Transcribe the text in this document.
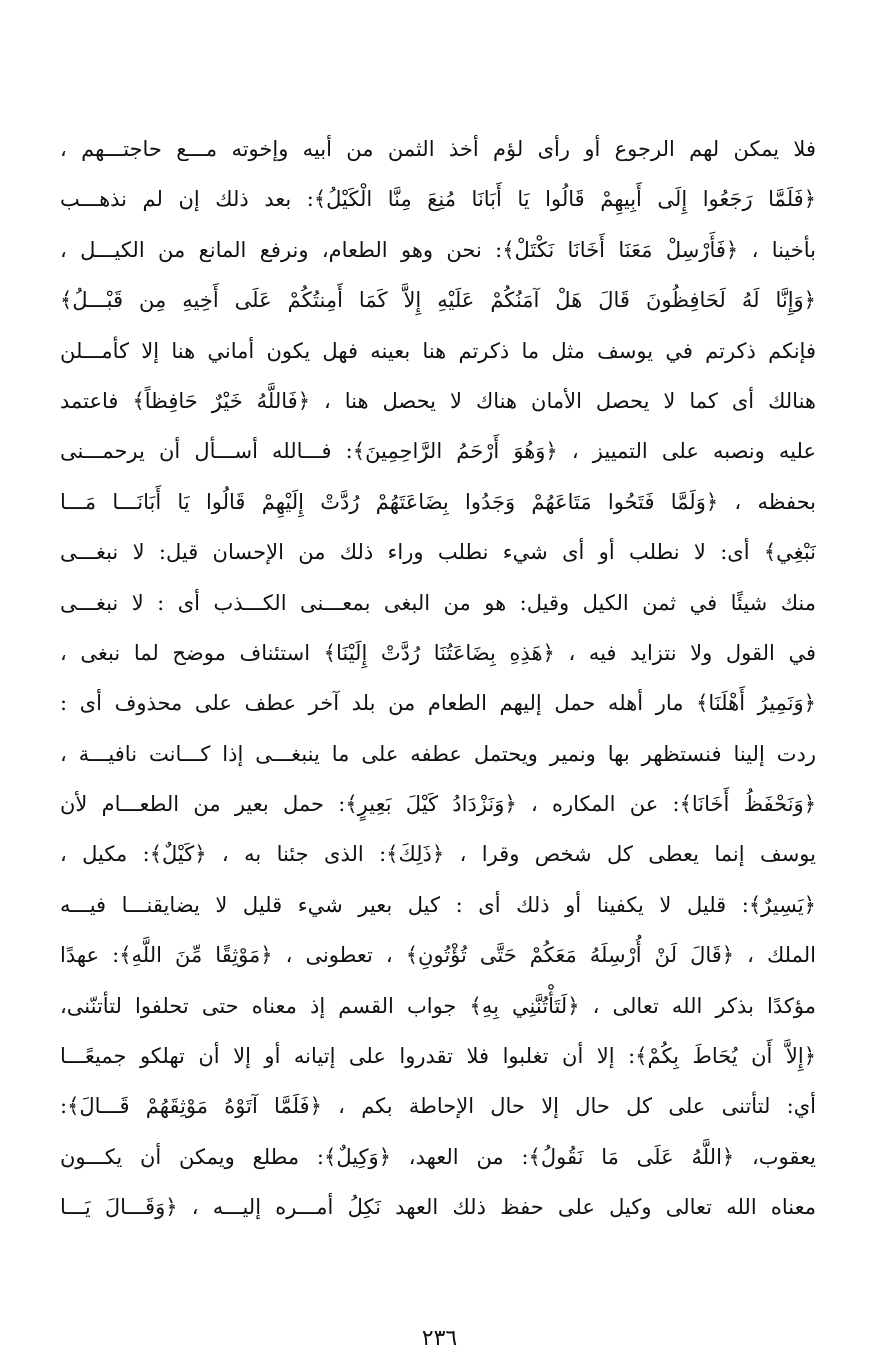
فلا يمكن لهم الرجوع أو رأى لؤم أخذ الثمن من أبيه وإخوته مـــع حاجتـــهم ،
﴿فَلَمَّا رَجَعُوا إِلَى أَبِيهِمْ قَالُوا يَا أَبَانَا مُنِعَ مِنَّا الْكَيْلُ﴾: بعد ذلك إن لم نذهـــب
بأخينا ، ﴿فَأَرْسِلْ مَعَنَا أَخَانَا نَكْتَلْ﴾: نحن وهو الطعام، ونرفع المانع من الكيـــل ،
﴿وَإِنَّا لَهُ لَحَافِظُونَ قَالَ هَلْ آمَنُكُمْ عَلَيْهِ إِلاَّ كَمَا أَمِنتُكُمْ عَلَى أَخِيهِ مِن قَبْـــلُ﴾
فإنكم ذكرتم في يوسف مثل ما ذكرتم هنا بعينه فهل يكون أماني هنا إلا كأمـــلن
هنالك أى كما لا يحصل الأمان هناك لا يحصل هنا ، ﴿فَاللَّهُ خَيْرٌ حَافِظاً﴾ فاعتمد
عليه ونصبه على التمييز ، ﴿وَهُوَ أَرْحَمُ الرَّاحِمِينَ﴾: فـــالله أســـأل أن يرحمـــنى
بحفظه ، ﴿وَلَمَّا فَتَحُوا مَتَاعَهُمْ وَجَدُوا بِضَاعَتَهُمْ رُدَّتْ إِلَيْهِمْ قَالُوا يَا أَبَانَـــا مَـــا
نَبْغِي﴾ أى: لا نطلب أو أى شيء نطلب وراء ذلك من الإحسان قيل: لا نبغـــى
منك شيئًا في ثمن الكيل وقيل: هو من البغى بمعـــنى الكـــذب أى : لا نبغـــى
في القول ولا نتزايد فيه ، ﴿هَذِهِ بِضَاعَتُنَا رُدَّتْ إِلَيْنَا﴾ استئناف موضح لما نبغى ،
﴿وَنَمِيرُ أَهْلَنَا﴾ مار أهله حمل إليهم الطعام من بلد آخر عطف على محذوف أى :
ردت إلينا فنستظهر بها ونمير ويحتمل عطفه على ما ينبغـــى إذا كـــانت نافيـــة ،
﴿وَنَحْفَظُ أَخَانَا﴾: عن المكاره ، ﴿وَنَزْدَادُ كَيْلَ بَعِيرٍ﴾: حمل بعير من الطعـــام لأن
يوسف إنما يعطى كل شخص وقرا ، ﴿ذَلِكَ﴾: الذى جئنا به ، ﴿كَيْلٌ﴾: مكيل ،
﴿يَسِيرٌ﴾: قليل لا يكفينا أو ذلك أى : كيل بعير شيء قليل لا يضايقنـــا فيـــه
الملك ، ﴿قَالَ لَنْ أُرْسِلَهُ مَعَكُمْ حَتَّى تُؤْتُونِ﴾ ، تعطونى ، ﴿مَوْثِقًا مِّنَ اللَّهِ﴾: عهدًا
مؤكدًا بذكر الله تعالى ، ﴿لَتَأْتُنَّنِي بِهِ﴾ جواب القسم إذ معناه حتى تحلفوا لتأتنّنى،
﴿إِلاَّ أَن يُحَاطَ بِكُمْ﴾: إلا أن تغلبوا فلا تقدروا على إتيانه أو إلا أن تهلكو جميعًـــا
أي: لتأتنى على كل حال إلا حال الإحاطة بكم ، ﴿فَلَمَّا آتَوْهُ مَوْثِقَهُمْ قَـــالَ﴾:
يعقوب، ﴿اللَّهُ عَلَى مَا نَقُولُ﴾: من العهد، ﴿وَكِيلٌ﴾: مطلع ويمكن أن يكـــون
معناه الله تعالى وكيل على حفظ ذلك العهد نَكِلُ أمـــره إليـــه ، ﴿وَقَـــالَ يَـــا
٢٣٦
